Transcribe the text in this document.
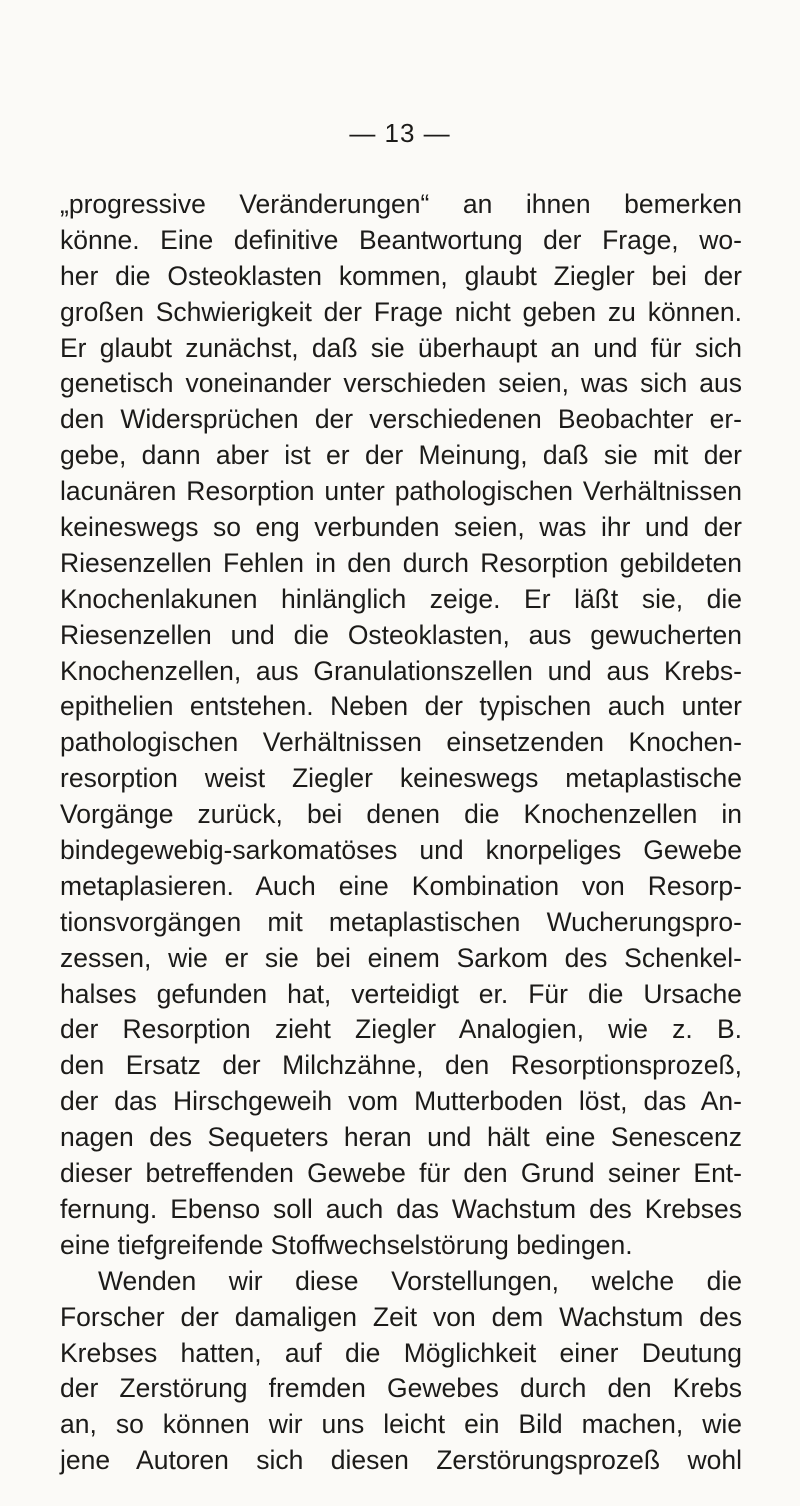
— 13 —
„progressive Veränderungen“ an ihnen bemerken
könne. Eine definitive Beantwortung der Frage, wo-
her die Osteoklasten kommen, glaubt Ziegler bei der
großen Schwierigkeit der Frage nicht geben zu können.
Er glaubt zunächst, daß sie überhaupt an und für sich
genetisch voneinander verschieden seien, was sich aus
den Widersprüchen der verschiedenen Beobachter er-
gebe, dann aber ist er der Meinung, daß sie mit der
lacunären Resorption unter pathologischen Verhältnissen
keineswegs so eng verbunden seien, was ihr und der
Riesenzellen Fehlen in den durch Resorption gebildeten
Knochenlakunen hinlänglich zeige. Er läßt sie, die
Riesenzellen und die Osteoklasten, aus gewucherten
Knochenzellen, aus Granulationszellen und aus Krebs-
epithelien entstehen. Neben der typischen auch unter
pathologischen Verhältnissen einsetzenden Knochen-
resorption weist Ziegler keineswegs metaplastische
Vorgänge zurück, bei denen die Knochenzellen in
bindegewebig-sarkomatöses und knorpeliges Gewebe
metaplasieren. Auch eine Kombination von Resorp-
tionsvorgängen mit metaplastischen Wucherungspro-
zessen, wie er sie bei einem Sarkom des Schenkel-
halses gefunden hat, verteidigt er. Für die Ursache
der Resorption zieht Ziegler Analogien, wie z. B.
den Ersatz der Milchzähne, den Resorptionsprozeß,
der das Hirschgeweih vom Mutterboden löst, das An-
nagen des Sequeters heran und hält eine Senescenz
dieser betreffenden Gewebe für den Grund seiner Ent-
fernung. Ebenso soll auch das Wachstum des Krebses
eine tiefgreifende Stoffwechselstörung bedingen.
Wenden wir diese Vorstellungen, welche die
Forscher der damaligen Zeit von dem Wachstum des
Krebses hatten, auf die Möglichkeit einer Deutung
der Zerstörung fremden Gewebes durch den Krebs
an, so können wir uns leicht ein Bild machen, wie
jene Autoren sich diesen Zerstörungsprozeß wohl
